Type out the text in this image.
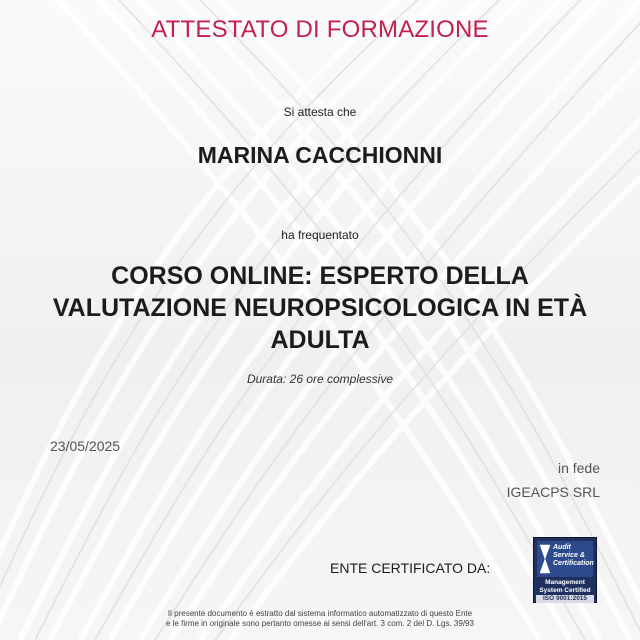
ATTESTATO DI FORMAZIONE
Si attesta che
MARINA CACCHIONNI
ha frequentato
CORSO ONLINE: ESPERTO DELLA VALUTAZIONE NEUROPSICOLOGICA IN ETÀ ADULTA
Durata: 26 ore complessive
23/05/2025
in fede
IGEACPS SRL
ENTE CERTIFICATO DA:
Audit Service & Certification
Management
System Certified
ISO 9001:2015
Il presente documento è estratto dal sistema informatico automatizzato di questo Ente
e le firme in originale sono pertanto omesse ai sensi dell'art. 3 com. 2 del D. Lgs. 39/93
